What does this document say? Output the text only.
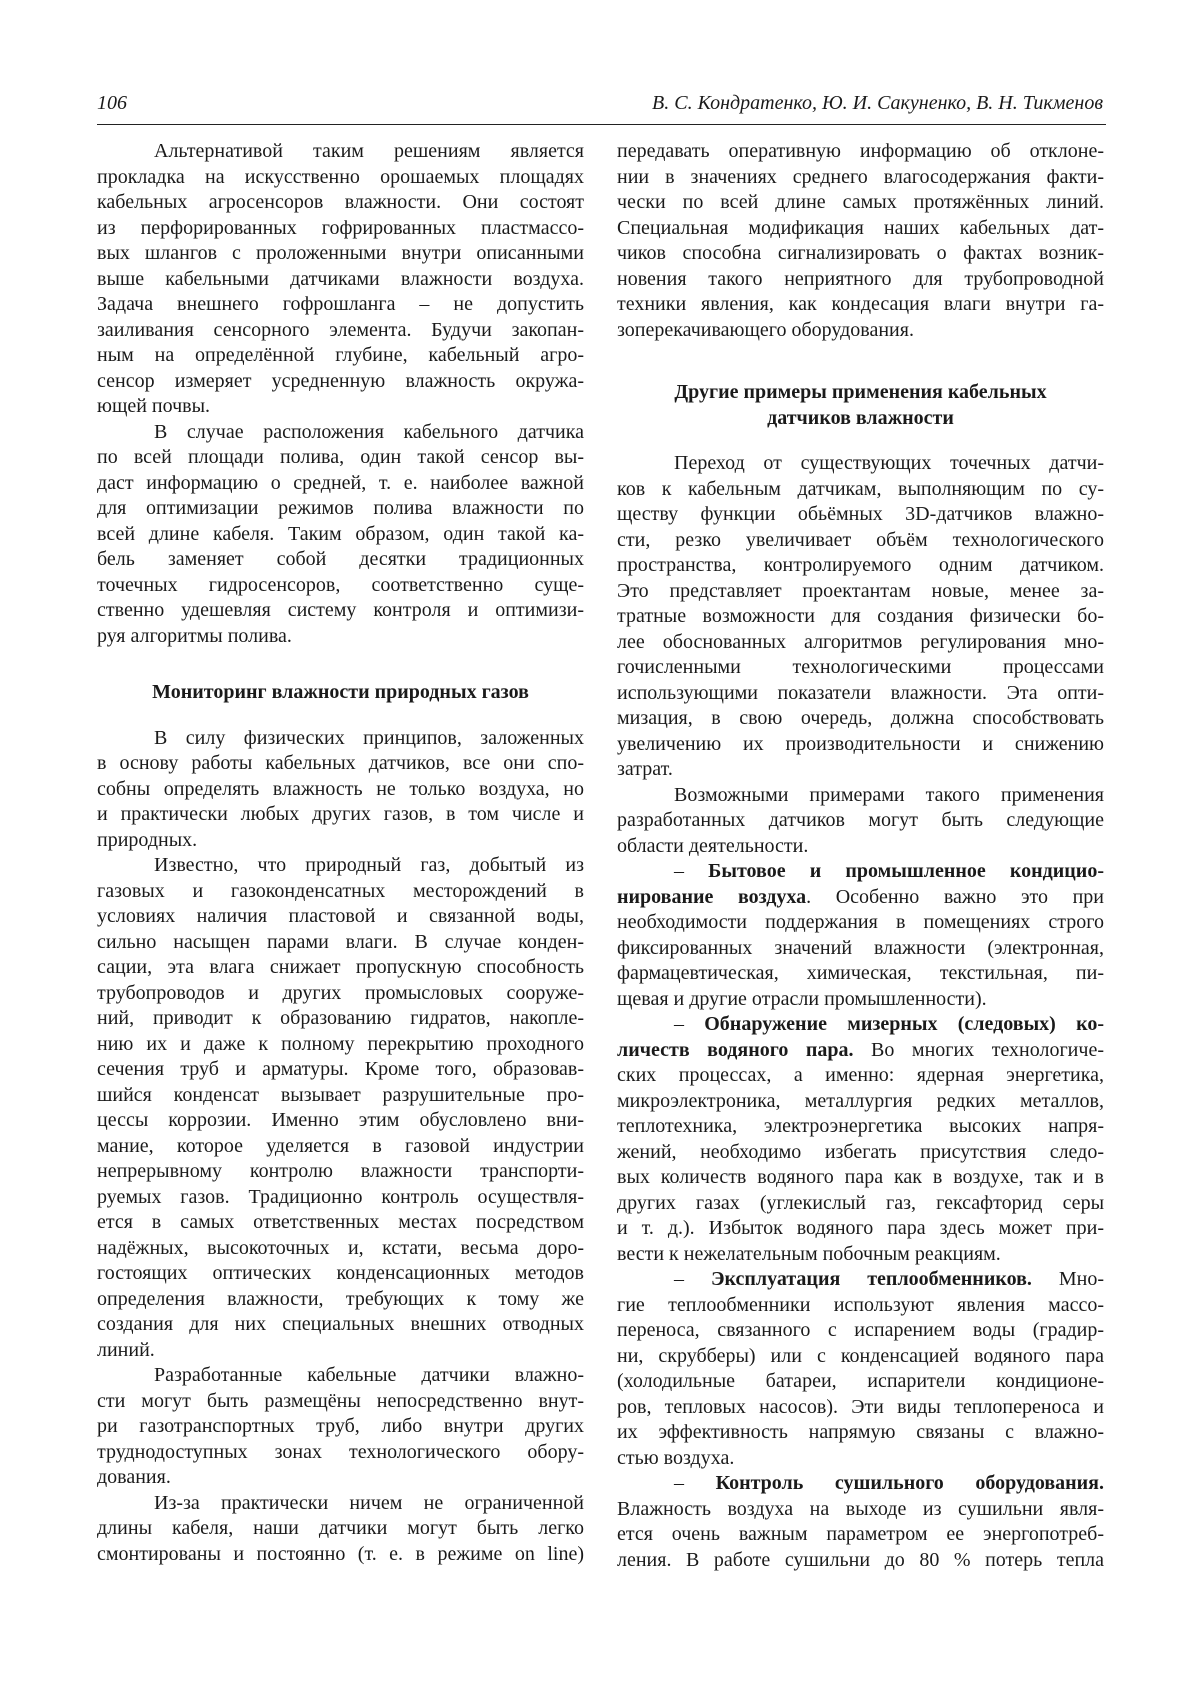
106	В. С. Кондратенко, Ю. И. Сакуненко, В. Н. Тикменов
Альтернативой таким решениям является
прокладка на искусственно орошаемых площадях
кабельных агросенсоров влажности. Они состоят
из перфорированных гофрированных пластмассо-
вых шлангов с проложенными внутри описанными
выше кабельными датчиками влажности воздуха.
Задача внешнего гофрошланга – не допустить
заиливания сенсорного элемента. Будучи закопан-
ным на определённой глубине, кабельный агро-
сенсор измеряет усредненную влажность окружа-
ющей почвы.
В случае расположения кабельного датчика
по всей площади полива, один такой сенсор вы-
даст информацию о средней, т. е. наиболее важной
для оптимизации режимов полива влажности по
всей длине кабеля. Таким образом, один такой ка-
бель заменяет собой десятки традиционных
точечных гидросенсоров, соответственно суще-
ственно удешевляя систему контроля и оптимизи-
руя алгоритмы полива.
Мониторинг влажности природных газов
В силу физических принципов, заложенных
в основу работы кабельных датчиков, все они спо-
собны определять влажность не только воздуха, но
и практически любых других газов, в том числе и
природных.
Известно, что природный газ, добытый из
газовых и газоконденсатных месторождений в
условиях наличия пластовой и связанной воды,
сильно насыщен парами влаги. В случае конден-
сации, эта влага снижает пропускную способность
трубопроводов и других промысловых сооруже-
ний, приводит к образованию гидратов, накопле-
нию их и даже к полному перекрытию проходного
сечения труб и арматуры. Кроме того, образовав-
шийся конденсат вызывает разрушительные про-
цессы коррозии. Именно этим обусловлено вни-
мание, которое уделяется в газовой индустрии
непрерывному контролю влажности транспорти-
руемых газов. Традиционно контроль осуществля-
ется в самых ответственных местах посредством
надёжных, высокоточных и, кстати, весьма доро-
гостоящих оптических конденсационных методов
определения влажности, требующих к тому же
создания для них специальных внешних отводных
линий.
Разработанные кабельные датчики влажно-
сти могут быть размещёны непосредственно внут-
ри газотранспортных труб, либо внутри других
труднодоступных зонах технологического обору-
дования.
Из-за практически ничем не ограниченной
длины кабеля, наши датчики могут быть легко
смонтированы и постоянно (т. е. в режиме on line)
передавать оперативную информацию об отклоне-
нии в значениях среднего влагосодержания факти-
чески по всей длине самых протяжённых линий.
Специальная модификация наших кабельных дат-
чиков способна сигнализировать о фактах возник-
новения такого неприятного для трубопроводной
техники явления, как кондесация влаги внутри га-
зоперекачивающего оборудования.
Другие примеры применения кабельных
датчиков влажности
Переход от существующих точечных датчи-
ков к кабельным датчикам, выполняющим по су-
ществу функции обьёмных 3D-датчиков влажно-
сти, резко увеличивает объём технологического
пространства, контролируемого одним датчиком.
Это представляет проектантам новые, менее за-
тратные возможности для создания физически бо-
лее обоснованных алгоритмов регулирования мно-
гочисленными технологическими процессами
использующими показатели влажности. Эта опти-
мизация, в свою очередь, должна способствовать
увеличению их производительности и снижению
затрат.
Возможными примерами такого применения
разработанных датчиков могут быть следующие
области деятельности.
– Бытовое и промышленное кондицио-
нирование воздуха. Особенно важно это при
необходимости поддержания в помещениях строго
фиксированных значений влажности (электронная,
фармацевтическая, химическая, текстильная, пи-
щевая и другие отрасли промышленности).
– Обнаружение мизерных (следовых) ко-
личеств водяного пара. Во многих технологиче-
ских процессах, а именно: ядерная энергетика,
микроэлектроника, металлургия редких металлов,
теплотехника, электроэнергетика высоких напря-
жений, необходимо избегать присутствия следо-
вых количеств водяного пара как в воздухе, так и в
других газах (углекислый газ, гексафторид серы
и т. д.). Избыток водяного пара здесь может при-
вести к нежелательным побочным реакциям.
– Эксплуатация теплообменников. Мно-
гие теплообменники используют явления массо-
переноса, связанного с испарением воды (градир-
ни, скрубберы) или с конденсацией водяного пара
(холодильные батареи, испарители кондиционе-
ров, тепловых насосов). Эти виды теплопереноса и
их эффективность напрямую связаны с влажно-
стью воздуха.
– Контроль сушильного оборудования.
Влажность воздуха на выходе из сушильни явля-
ется очень важным параметром ее энергопотреб-
ления. В работе сушильни до 80 % потерь тепла
